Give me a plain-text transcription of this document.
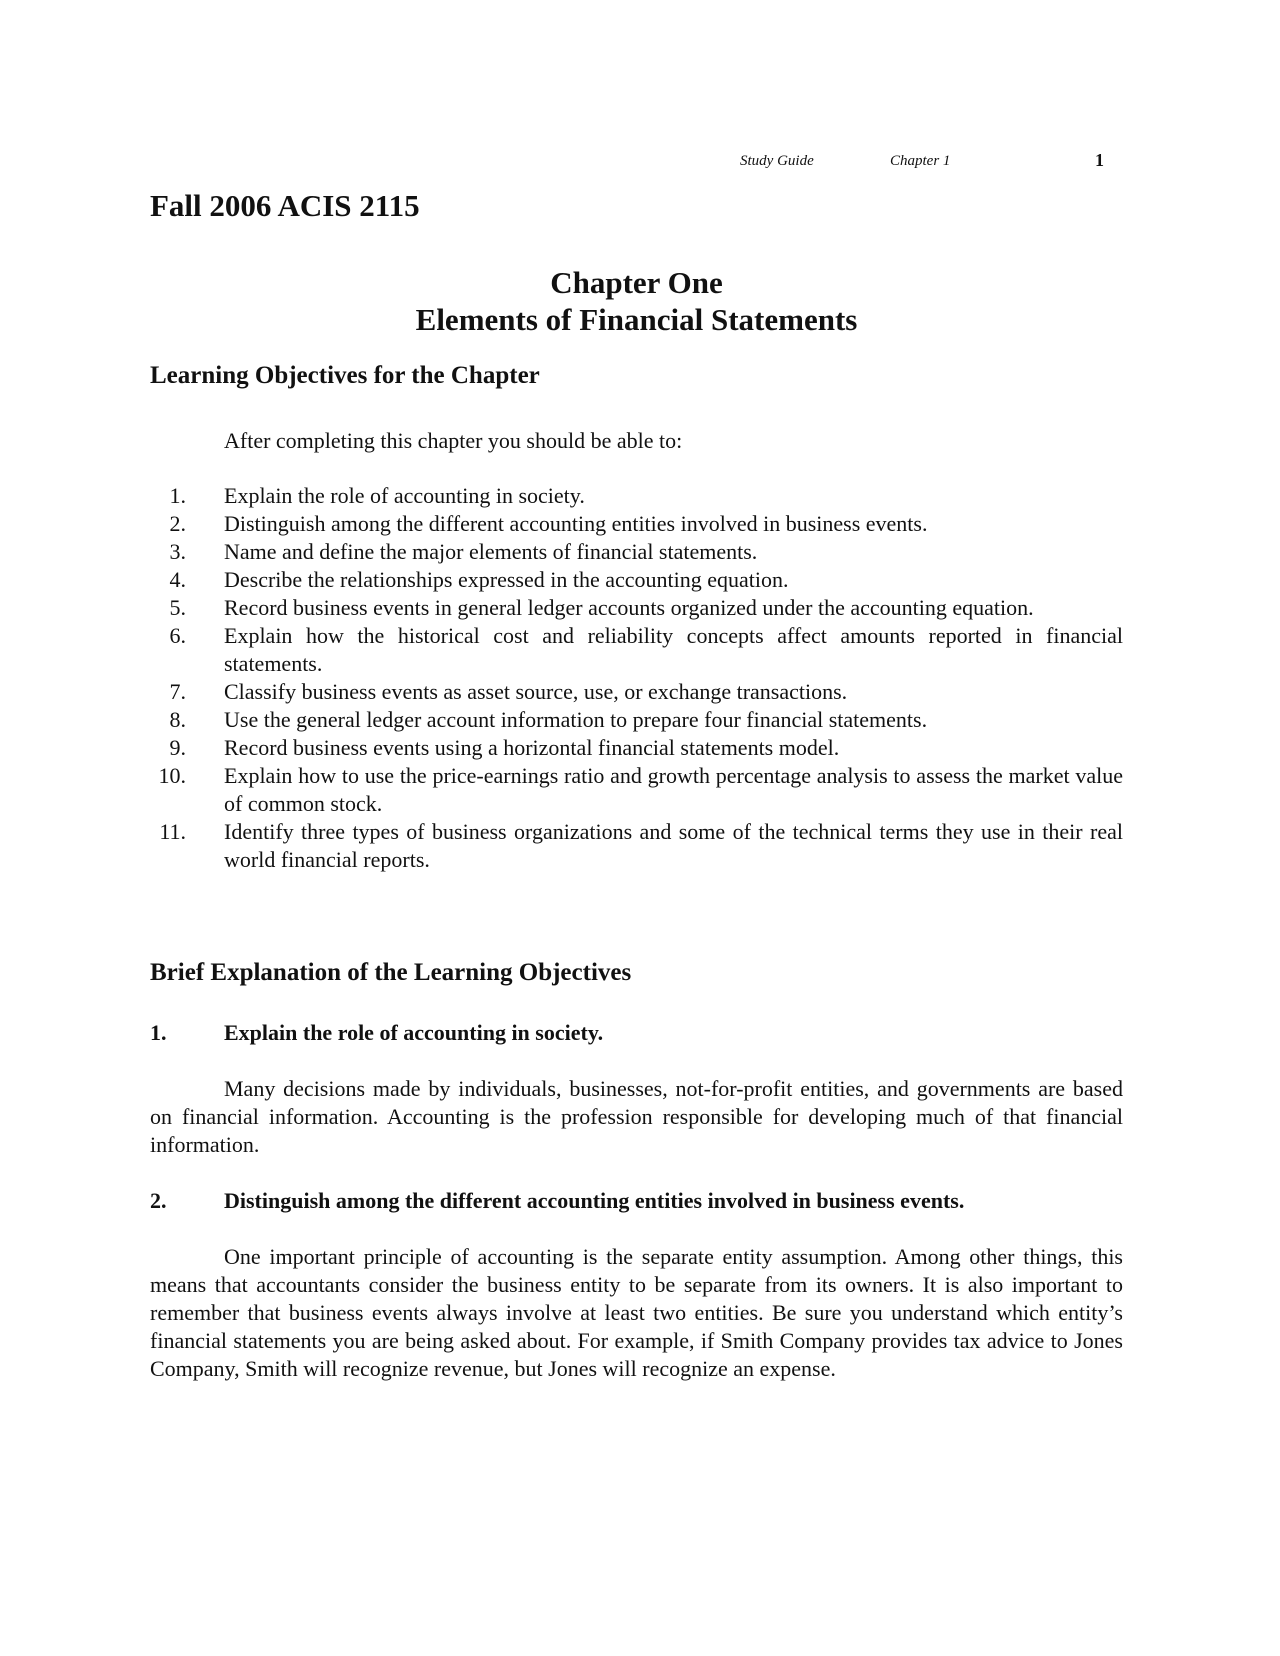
Study Guide	Chapter 1	1
Fall 2006 ACIS 2115
Chapter One
Elements of Financial Statements
Learning Objectives for the Chapter
After completing this chapter you should be able to:
1.	Explain the role of accounting in society.
2.	Distinguish among the different accounting entities involved in business events.
3.	Name and define the major elements of financial statements.
4.	Describe the relationships expressed in the accounting equation.
5.	Record business events in general ledger accounts organized under the accounting equation.
6.	Explain how the historical cost and reliability concepts affect amounts reported in financial statements.
7.	Classify business events as asset source, use, or exchange transactions.
8.	Use the general ledger account information to prepare four financial statements.
9.	Record business events using a horizontal financial statements model.
10.	Explain how to use the price-earnings ratio and growth percentage analysis to assess the market value of common stock.
11.	Identify three types of business organizations and some of the technical terms they use in their real world financial reports.
Brief Explanation of the Learning Objectives
1.	Explain the role of accounting in society.
Many decisions made by individuals, businesses, not-for-profit entities, and governments are based on financial information. Accounting is the profession responsible for developing much of that financial information.
2.	Distinguish among the different accounting entities involved in business events.
One important principle of accounting is the separate entity assumption. Among other things, this means that accountants consider the business entity to be separate from its owners. It is also important to remember that business events always involve at least two entities. Be sure you understand which entity’s financial statements you are being asked about. For example, if Smith Company provides tax advice to Jones Company, Smith will recognize revenue, but Jones will recognize an expense.
